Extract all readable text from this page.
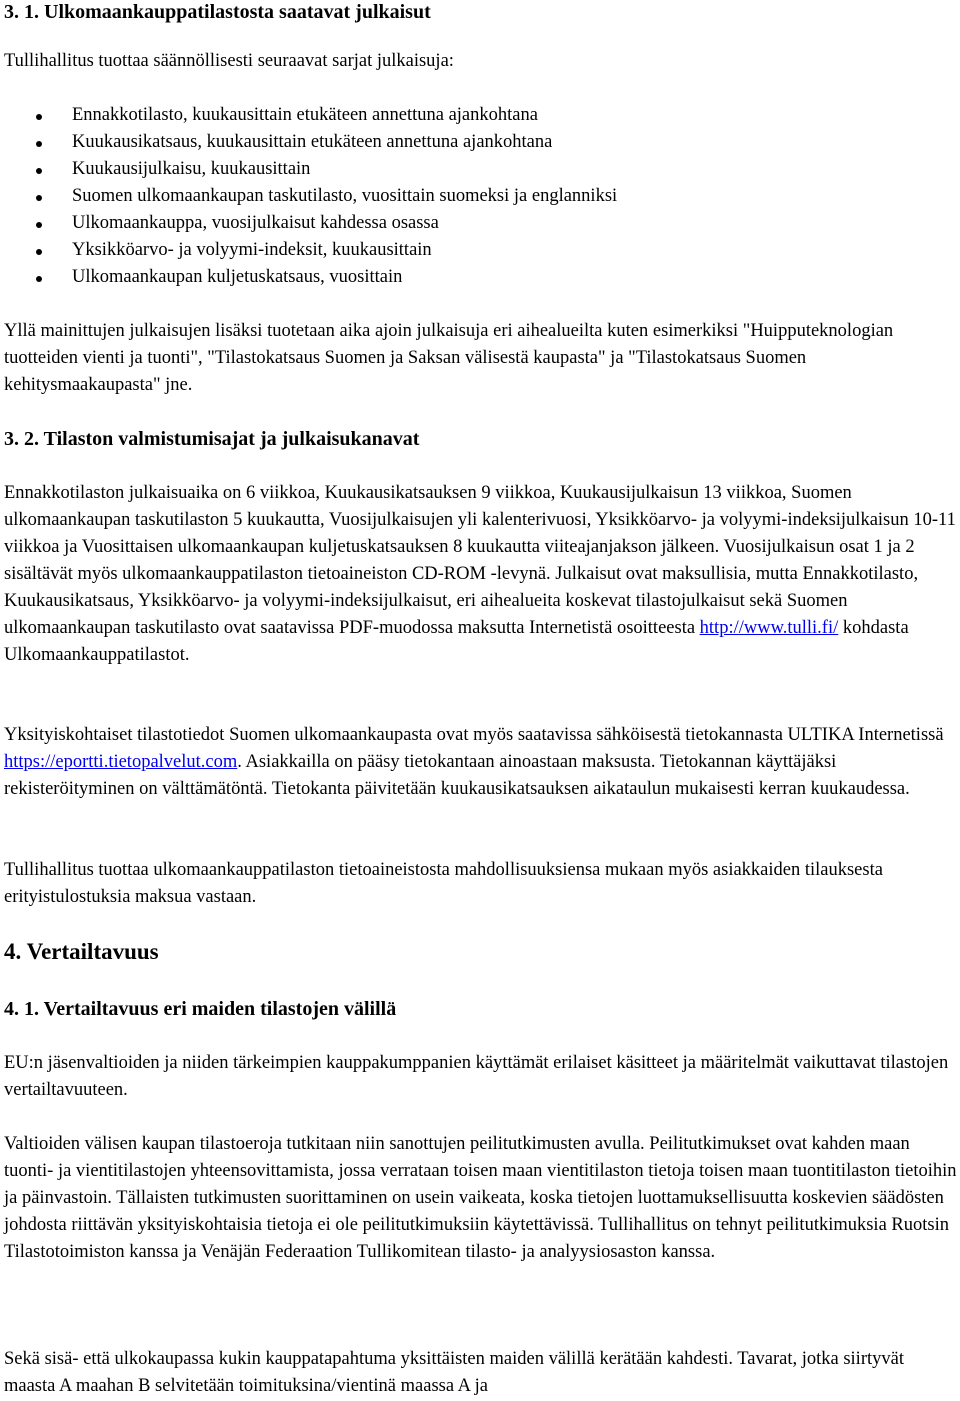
3. 1. Ulkomaankauppatilastosta saatavat julkaisut

Tullihallitus tuottaa säännöllisesti seuraavat sarjat julkaisuja:

Ennakkotilasto, kuukausittain etukäteen annettuna ajankohtana
Kuukausikatsaus, kuukausittain etukäteen annettuna ajankohtana
Kuukausijulkaisu, kuukausittain
Suomen ulkomaankaupan taskutilasto, vuosittain suomeksi ja englanniksi
Ulkomaankauppa, vuosijulkaisut kahdessa osassa
Yksikköarvo- ja volyymi-indeksit, kuukausittain
Ulkomaankaupan kuljetuskatsaus, vuosittain

Yllä mainittujen julkaisujen lisäksi tuotetaan aika ajoin julkaisuja eri aihealueilta kuten esimerkiksi "Huipputeknologian tuotteiden vienti ja tuonti", "Tilastokatsaus Suomen ja Saksan välisestä kaupasta" ja "Tilastokatsaus Suomen kehitysmaakaupasta" jne.

3. 2. Tilaston valmistumisajat ja julkaisukanavat

Ennakkotilaston julkaisuaika on 6 viikkoa, Kuukausikatsauksen 9 viikkoa, Kuukausijulkaisun 13 viikkoa, Suomen ulkomaankaupan taskutilaston 5 kuukautta, Vuosijulkaisujen yli kalenterivuosi, Yksikköarvo- ja volyymi-indeksijulkaisun 10-11 viikkoa ja Vuosittaisen ulkomaankaupan kuljetuskatsauksen 8 kuukautta viiteajanjakson jälkeen. Vuosijulkaisun osat 1 ja 2 sisältävät myös ulkomaankauppatilaston tietoaineiston CD-ROM -levynä. Julkaisut ovat maksullisia, mutta Ennakkotilasto, Kuukausikatsaus, Yksikköarvo- ja volyymi-indeksijulkaisut, eri aihealueita koskevat tilastojulkaisut sekä Suomen ulkomaankaupan taskutilasto ovat saatavissa PDF-muodossa maksutta Internetistä osoitteesta http://www.tulli.fi/ kohdasta Ulkomaankauppatilastot.

Yksityiskohtaiset tilastotiedot Suomen ulkomaankaupasta ovat myös saatavissa sähköisestä tietokannasta ULTIKA Internetissä https://eportti.tietopalvelut.com. Asiakkailla on pääsy tietokantaan ainoastaan maksusta. Tietokannan käyttäjäksi rekisteröityminen on välttämätöntä. Tietokanta päivitetään kuukausikatsauksen aikataulun mukaisesti kerran kuukaudessa.

Tullihallitus tuottaa ulkomaankauppatilaston tietoaineistosta mahdollisuuksiensa mukaan myös asiakkaiden tilauksesta erityistulostuksia maksua vastaan.

4. Vertailtavuus
4. 1. Vertailtavuus eri maiden tilastojen välillä

EU:n jäsenvaltioiden ja niiden tärkeimpien kauppakumppanien käyttämät erilaiset käsitteet ja määritelmät vaikuttavat tilastojen vertailtavuuteen.

Valtioiden välisen kaupan tilastoeroja tutkitaan niin sanottujen peilitutkimusten avulla. Peilitutkimukset ovat kahden maan tuonti- ja vientitilastojen yhteensovittamista, jossa verrataan toisen maan vientitilaston tietoja toisen maan tuontitilaston tietoihin ja päinvastoin. Tällaisten tutkimusten suorittaminen on usein vaikeata, koska tietojen luottamuksellisuutta koskevien säädösten johdosta riittävän yksityiskohtaisia tietoja ei ole peilitutkimuksiin käytettävissä. Tullihallitus on tehnyt peilitutkimuksia Ruotsin Tilastotoimiston kanssa ja Venäjän Federaation Tullikomitean tilasto- ja analyysiosaston kanssa.

Sekä sisä- että ulkokaupassa kukin kauppatapahtuma yksittäisten maiden välillä kerätään kahdesti. Tavarat, jotka siirtyvät maasta A maahan B selvitetään toimituksina/vientinä maassa A ja
